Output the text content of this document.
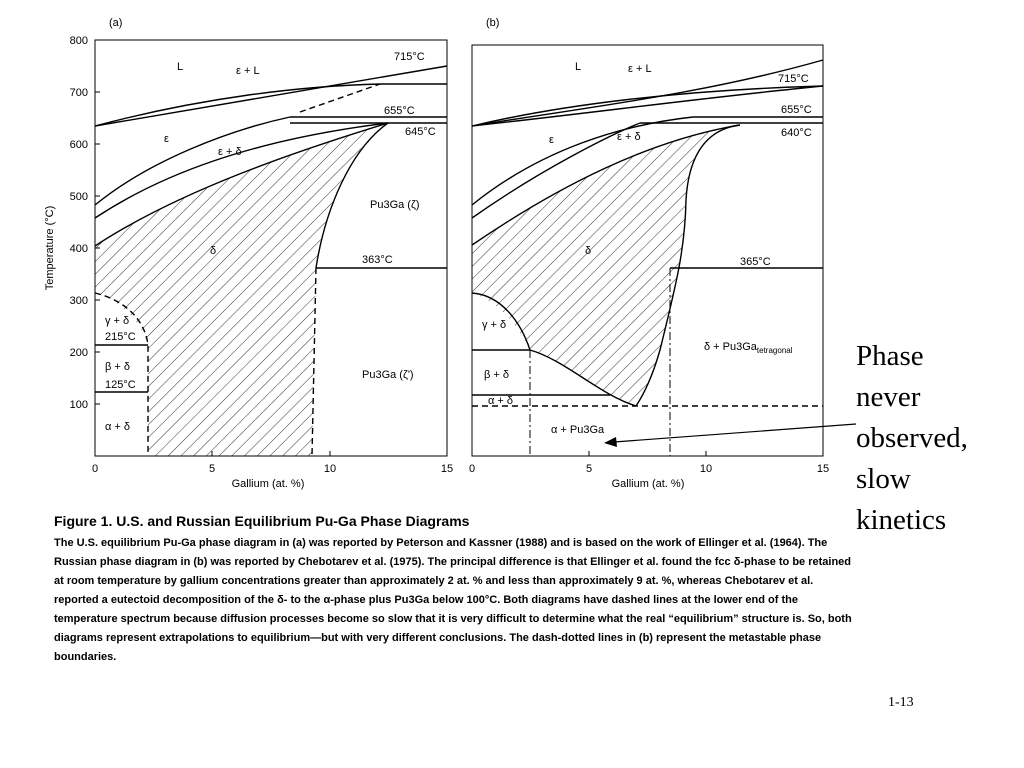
(a)
800
700
600
500
400
300
200
100
Temperature (°C)
0	5	10	15
Gallium (at. %)
L	ε + L
715°C
655°C
645°C
ε
ε + δ
Pu3Ga (ζ)
δ
363°C
γ + δ
215°C
β + δ
125°C
α + δ
Pu3Ga (ζ')
(b)
0	5	10	15
Gallium (at. %)
L	ε + L
715°C
655°C
640°C
ε	ε + δ
δ
365°C
γ + δ
$\delta + Pu3Ga_{tetragonal}$
β + δ
α + δ
α + Pu3Ga
Phase
never
observed,
slow
kinetics
Figure 1. U.S. and Russian Equilibrium Pu-Ga Phase Diagrams
The U.S. equilibrium Pu-Ga phase diagram in (a) was reported by Peterson and Kassner (1988) and is based on the work of Ellinger et al. (1964). The Russian phase diagram in (b) was reported by Chebotarev et al. (1975). The principal difference is that Ellinger et al. found the fcc δ-phase to be retained at room temperature by gallium concentrations greater than approximately 2 at. % and less than approximately 9 at. %, whereas Chebotarev et al. reported a eutectoid decomposition of the δ- to the α-phase plus Pu3Ga below 100°C. Both diagrams have dashed lines at the lower end of the temperature spectrum because diffusion processes become so slow that it is very difficult to determine what the real “equilibrium” structure is. So, both diagrams represent extrapolations to equilibrium—but with very different conclusions. The dash-dotted lines in (b) represent the metastable phase boundaries.
1-13
